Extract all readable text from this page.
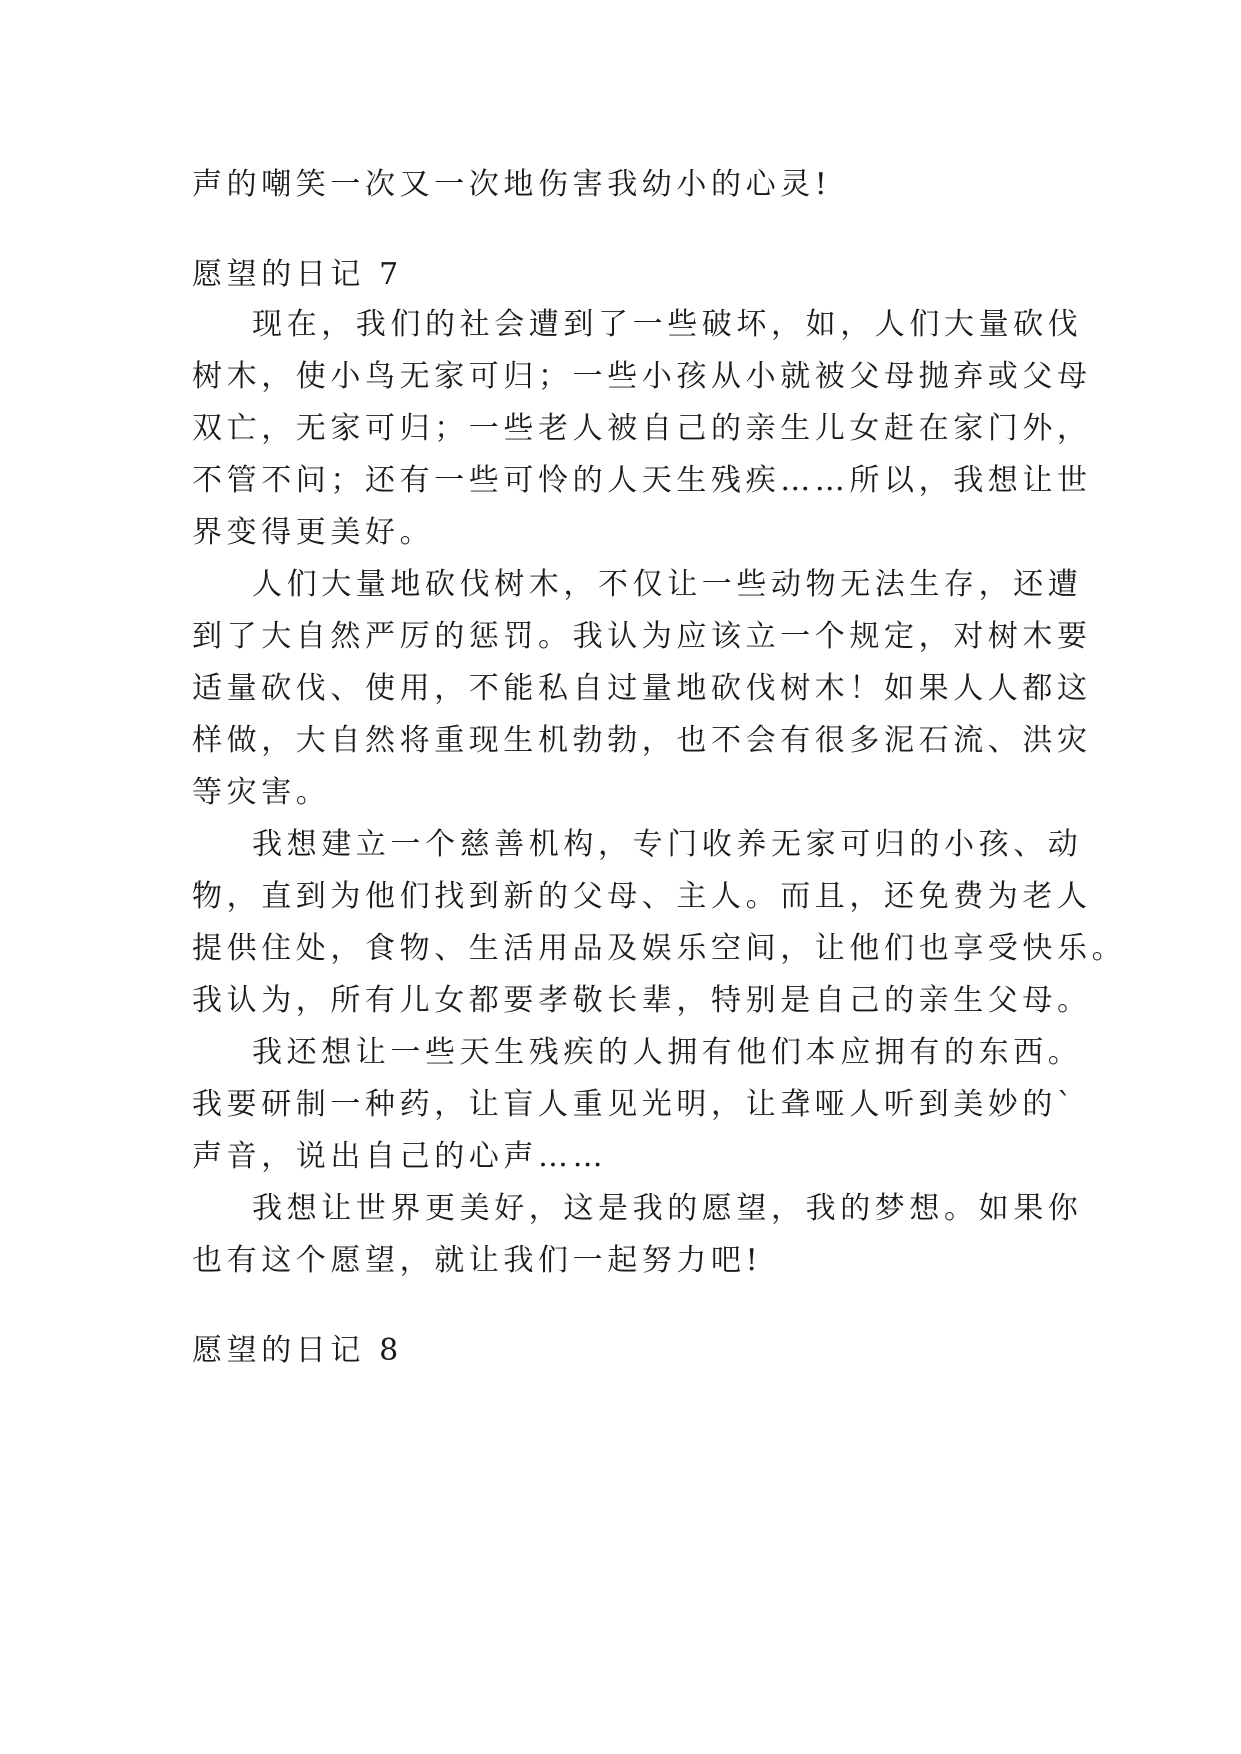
声的嘲笑一次又一次地伤害我幼小的心灵!
愿望的日记 7
现在，我们的社会遭到了一些破坏，如，人们大量砍伐
树木，使小鸟无家可归；一些小孩从小就被父母抛弃或父母
双亡，无家可归；一些老人被自己的亲生儿女赶在家门外，
不管不问；还有一些可怜的人天生残疾……所以，我想让世
界变得更美好。
人们大量地砍伐树木，不仅让一些动物无法生存，还遭
到了大自然严厉的惩罚。我认为应该立一个规定，对树木要
适量砍伐、使用，不能私自过量地砍伐树木！如果人人都这
样做，大自然将重现生机勃勃，也不会有很多泥石流、洪灾
等灾害。
我想建立一个慈善机构，专门收养无家可归的小孩、动
物，直到为他们找到新的父母、主人。而且，还免费为老人
提供住处，食物、生活用品及娱乐空间，让他们也享受快乐。
我认为，所有儿女都要孝敬长辈，特别是自己的亲生父母。
我还想让一些天生残疾的人拥有他们本应拥有的东西。
我要研制一种药，让盲人重见光明，让聋哑人听到美妙的`
声音，说出自己的心声……
我想让世界更美好，这是我的愿望，我的梦想。如果你
也有这个愿望，就让我们一起努力吧!
愿望的日记 8
